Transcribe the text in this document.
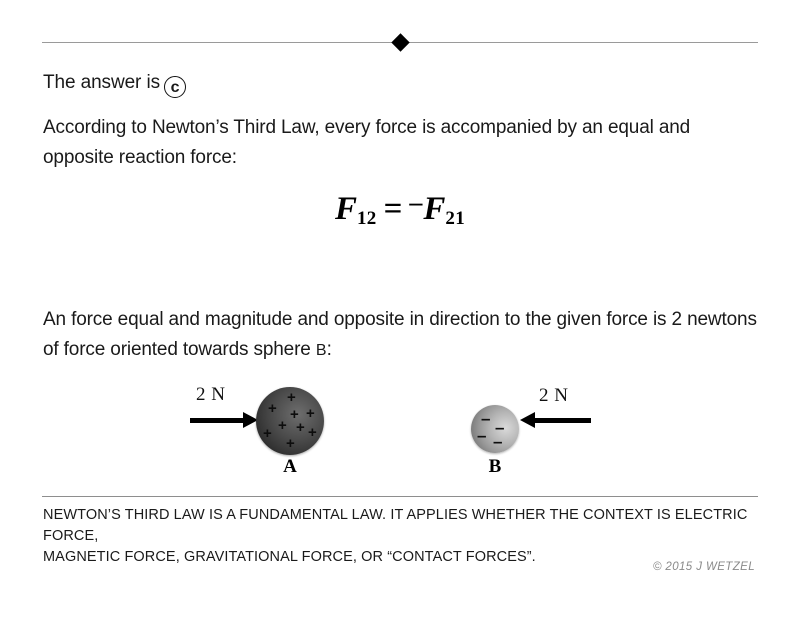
The answer is c
According to Newton’s Third Law, every force is accompanied by an equal and opposite reaction force:
$F_{12} = ^-F_{21}$
An force equal and magnitude and opposite in direction to the given force is 2 newtons of force oriented towards sphere B:
2 N	+
+ + +
+ +
+ +
+
A
– –
– –
B
2 N
NEWTON’S THIRD LAW IS A FUNDAMENTAL LAW. IT APPLIES WHETHER THE CONTEXT IS ELECTRIC FORCE,
MAGNETIC FORCE, GRAVITATIONAL FORCE, OR “CONTACT FORCES”.
© 2015 J WETZEL
